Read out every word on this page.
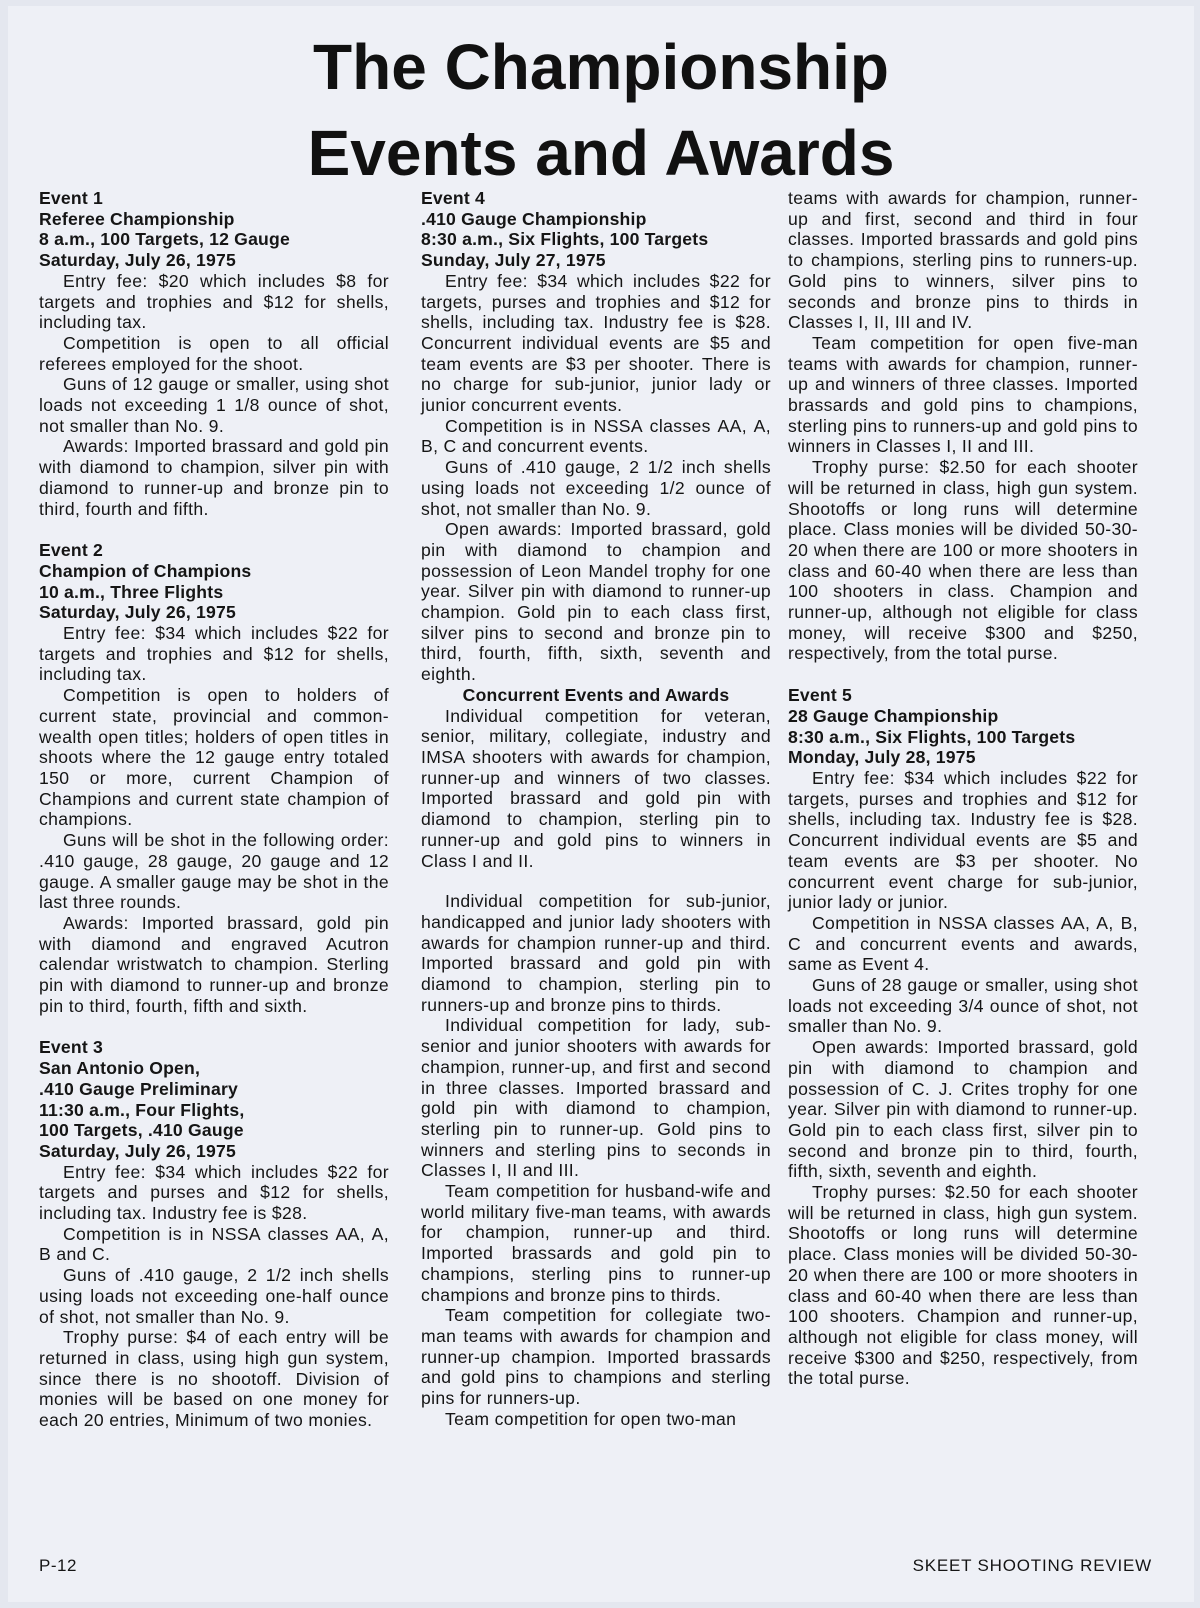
The Championship
Events and Awards
Event 1
Referee Championship
8 a.m., 100 Targets, 12 Gauge
Saturday, July 26, 1975

Entry fee: $20 which includes $8 for targets and trophies and $12 for shells, including tax.

Competition is open to all official referees employed for the shoot.

Guns of 12 gauge or smaller, using shot loads not exceeding 1 1/8 ounce of shot, not smaller than No. 9.

Awards: Imported brassard and gold pin with diamond to champion, silver pin with diamond to runner-up and bronze pin to third, fourth and fifth.

Event 2
Champion of Champions
10 a.m., Three Flights
Saturday, July 26, 1975

Entry fee: $34 which includes $22 for targets and trophies and $12 for shells, including tax.

Competition is open to holders of current state, provincial and common-wealth open titles; holders of open titles in shoots where the 12 gauge entry totaled 150 or more, current Champion of Champions and current state champion of champions.

Guns will be shot in the following order: .410 gauge, 28 gauge, 20 gauge and 12 gauge. A smaller gauge may be shot in the last three rounds.

Awards: Imported brassard, gold pin with diamond and engraved Acutron calendar wristwatch to champion. Sterling pin with diamond to runner-up and bronze pin to third, fourth, fifth and sixth.

Event 3
San Antonio Open,
.410 Gauge Preliminary
11:30 a.m., Four Flights,
100 Targets, .410 Gauge
Saturday, July 26, 1975

Entry fee: $34 which includes $22 for targets and purses and $12 for shells, including tax. Industry fee is $28.

Competition is in NSSA classes AA, A, B and C.

Guns of .410 gauge, 2 1/2 inch shells using loads not exceeding one-half ounce of shot, not smaller than No. 9.

Trophy purse: $4 of each entry will be returned in class, using high gun system, since there is no shootoff. Division of monies will be based on one money for each 20 entries, Minimum of two monies.

Event 4
.410 Gauge Championship
8:30 a.m., Six Flights, 100 Targets
Sunday, July 27, 1975

Entry fee: $34 which includes $22 for targets, purses and trophies and $12 for shells, including tax. Industry fee is $28. Concurrent individual events are $5 and team events are $3 per shooter. There is no charge for sub-junior, junior lady or junior concurrent events.

Competition is in NSSA classes AA, A, B, C and concurrent events.

Guns of .410 gauge, 2 1/2 inch shells using loads not exceeding 1/2 ounce of shot, not smaller than No. 9.

Open awards: Imported brassard, gold pin with diamond to champion and possession of Leon Mandel trophy for one year. Silver pin with diamond to runner-up champion. Gold pin to each class first, silver pins to second and bronze pin to third, fourth, fifth, sixth, seventh and eighth.

Concurrent Events and Awards

Individual competition for veteran, senior, military, collegiate, industry and IMSA shooters with awards for champion, runner-up and winners of two classes. Imported brassard and gold pin with diamond to champion, sterling pin to runner-up and gold pins to winners in Class I and II.

Individual competition for sub-junior, handicapped and junior lady shooters with awards for champion runner-up and third. Imported brassard and gold pin with diamond to champion, sterling pin to runners-up and bronze pins to thirds.

Individual competition for lady, sub-senior and junior shooters with awards for champion, runner-up, and first and second in three classes. Imported brassard and gold pin with diamond to champion, sterling pin to runner-up. Gold pins to winners and sterling pins to seconds in Classes I, II and III.

Team competition for husband-wife and world military five-man teams, with awards for champion, runner-up and third. Imported brassards and gold pin to champions, sterling pins to runner-up champions and bronze pins to thirds.

Team competition for collegiate two-man teams with awards for champion and runner-up champion. Imported brassards and gold pins to champions and sterling pins for runners-up.

Team competition for open two-man

teams with awards for champion, runner-up and first, second and third in four classes. Imported brassards and gold pins to champions, sterling pins to runners-up. Gold pins to winners, silver pins to seconds and bronze pins to thirds in Classes I, II, III and IV.

Team competition for open five-man teams with awards for champion, runner-up and winners of three classes. Imported brassards and gold pins to champions, sterling pins to runners-up and gold pins to winners in Classes I, II and III.

Trophy purse: $2.50 for each shooter will be returned in class, high gun system. Shootoffs or long runs will determine place. Class monies will be divided 50-30-20 when there are 100 or more shooters in class and 60-40 when there are less than 100 shooters in class. Champion and runner-up, although not eligible for class money, will receive $300 and $250, respectively, from the total purse.

Event 5
28 Gauge Championship
8:30 a.m., Six Flights, 100 Targets
Monday, July 28, 1975

Entry fee: $34 which includes $22 for targets, purses and trophies and $12 for shells, including tax. Industry fee is $28. Concurrent individual events are $5 and team events are $3 per shooter. No concurrent event charge for sub-junior, junior lady or junior.

Competition in NSSA classes AA, A, B, C and concurrent events and awards, same as Event 4.

Guns of 28 gauge or smaller, using shot loads not exceeding 3/4 ounce of shot, not smaller than No. 9.

Open awards: Imported brassard, gold pin with diamond to champion and possession of C. J. Crites trophy for one year. Silver pin with diamond to runner-up. Gold pin to each class first, silver pin to second and bronze pin to third, fourth, fifth, sixth, seventh and eighth.

Trophy purses: $2.50 for each shooter will be returned in class, high gun system. Shootoffs or long runs will determine place. Class monies will be divided 50-30-20 when there are 100 or more shooters in class and 60-40 when there are less than 100 shooters. Champion and runner-up, although not eligible for class money, will receive $300 and $250, respectively, from the total purse.

P-12	SKEET SHOOTING REVIEW
